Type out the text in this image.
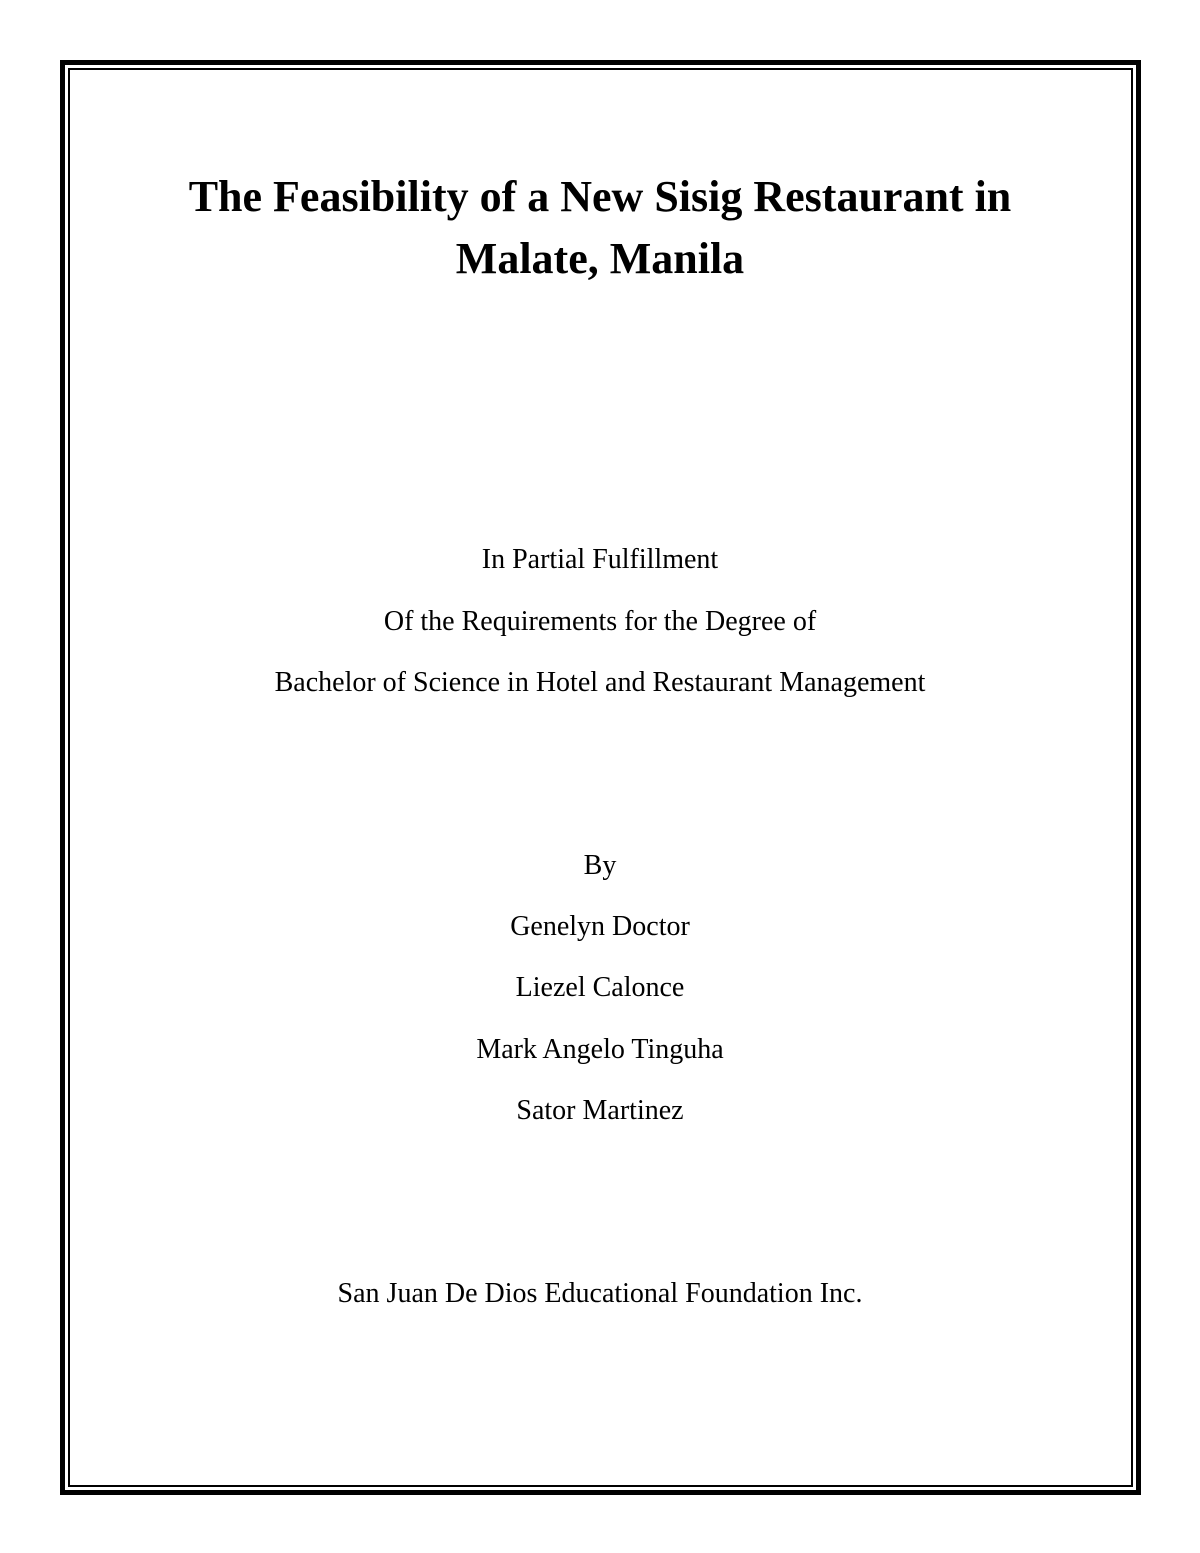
The Feasibility of a New Sisig Restaurant in
Malate, Manila

In Partial Fulfillment

Of the Requirements for the Degree of

Bachelor of Science in Hotel and Restaurant Management

By

Genelyn Doctor

Liezel Calonce

Mark Angelo Tinguha

Sator Martinez

San Juan De Dios Educational Foundation Inc.
